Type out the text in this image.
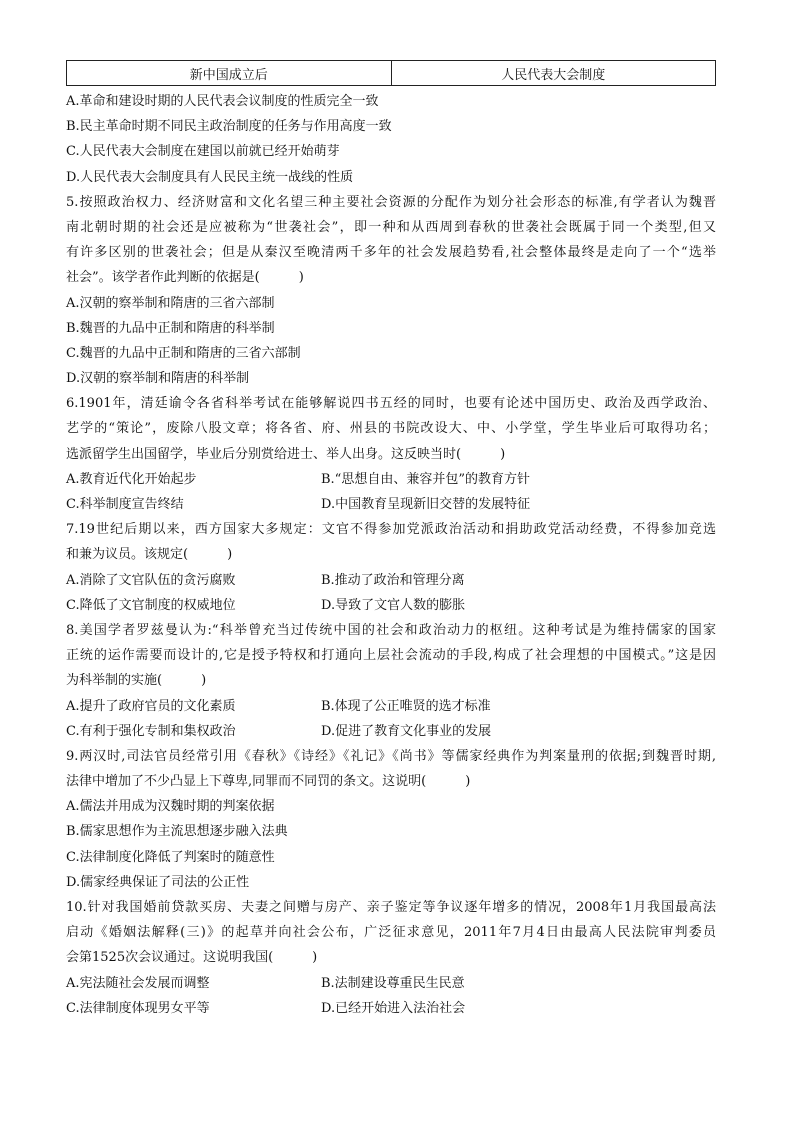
新中国成立后	人民代表大会制度
A.革命和建设时期的人民代表会议制度的性质完全一致
B.民主革命时期不同民主政治制度的任务与作用高度一致
C.人民代表大会制度在建国以前就已经开始萌芽
D.人民代表大会制度具有人民民主统一战线的性质
5.按照政治权力、经济财富和文化名望三种主要社会资源的分配作为划分社会形态的标准,有学者认为魏晋
南北朝时期的社会还是应被称为“世袭社会”，即一种和从西周到春秋的世袭社会既属于同一个类型,但又
有许多区别的世袭社会；但是从秦汉至晚清两千多年的社会发展趋势看,社会整体最终是走向了一个“选举
社会”。该学者作此判断的依据是(　　　)
A.汉朝的察举制和隋唐的三省六部制
B.魏晋的九品中正制和隋唐的科举制
C.魏晋的九品中正制和隋唐的三省六部制
D.汉朝的察举制和隋唐的科举制
6.1901年，清廷谕令各省科举考试在能够解说四书五经的同时，也要有论述中国历史、政治及西学政治、
艺学的“策论”，废除八股文章；将各省、府、州县的书院改设大、中、小学堂，学生毕业后可取得功名；
选派留学生出国留学，毕业后分别赏给进士、举人出身。这反映当时(　　　)
A.教育近代化开始起步	B.“思想自由、兼容并包”的教育方针
C.科举制度宣告终结	D.中国教育呈现新旧交替的发展特征
7.19世纪后期以来，西方国家大多规定：文官不得参加党派政治活动和捐助政党活动经费，不得参加竞选
和兼为议员。该规定(　　　)
A.消除了文官队伍的贪污腐败	B.推动了政治和管理分离
C.降低了文官制度的权威地位	D.导致了文官人数的膨胀
8.美国学者罗兹曼认为:“科举曾充当过传统中国的社会和政治动力的枢纽。这种考试是为维持儒家的国家
正统的运作需要而设计的,它是授予特权和打通向上层社会流动的手段,构成了社会理想的中国模式。”这是因
为科举制的实施(　　　)
A.提升了政府官员的文化素质	B.体现了公正唯贤的选才标准
C.有利于强化专制和集权政治	D.促进了教育文化事业的发展
9.两汉时,司法官员经常引用《春秋》《诗经》《礼记》《尚书》等儒家经典作为判案量刑的依据;到魏晋时期,
法律中增加了不少凸显上下尊卑,同罪而不同罚的条文。这说明(　　　)
A.儒法并用成为汉魏时期的判案依据
B.儒家思想作为主流思想逐步融入法典
C.法律制度化降低了判案时的随意性
D.儒家经典保证了司法的公正性
10.针对我国婚前贷款买房、夫妻之间赠与房产、亲子鉴定等争议逐年增多的情况，2008年1月我国最高法
启动《婚姻法解释(三)》的起草并向社会公布，广泛征求意见，2011年7月4日由最高人民法院审判委员
会第1525次会议通过。这说明我国(　　　)
A.宪法随社会发展而调整	B.法制建设尊重民生民意
C.法律制度体现男女平等	D.已经开始进入法治社会
